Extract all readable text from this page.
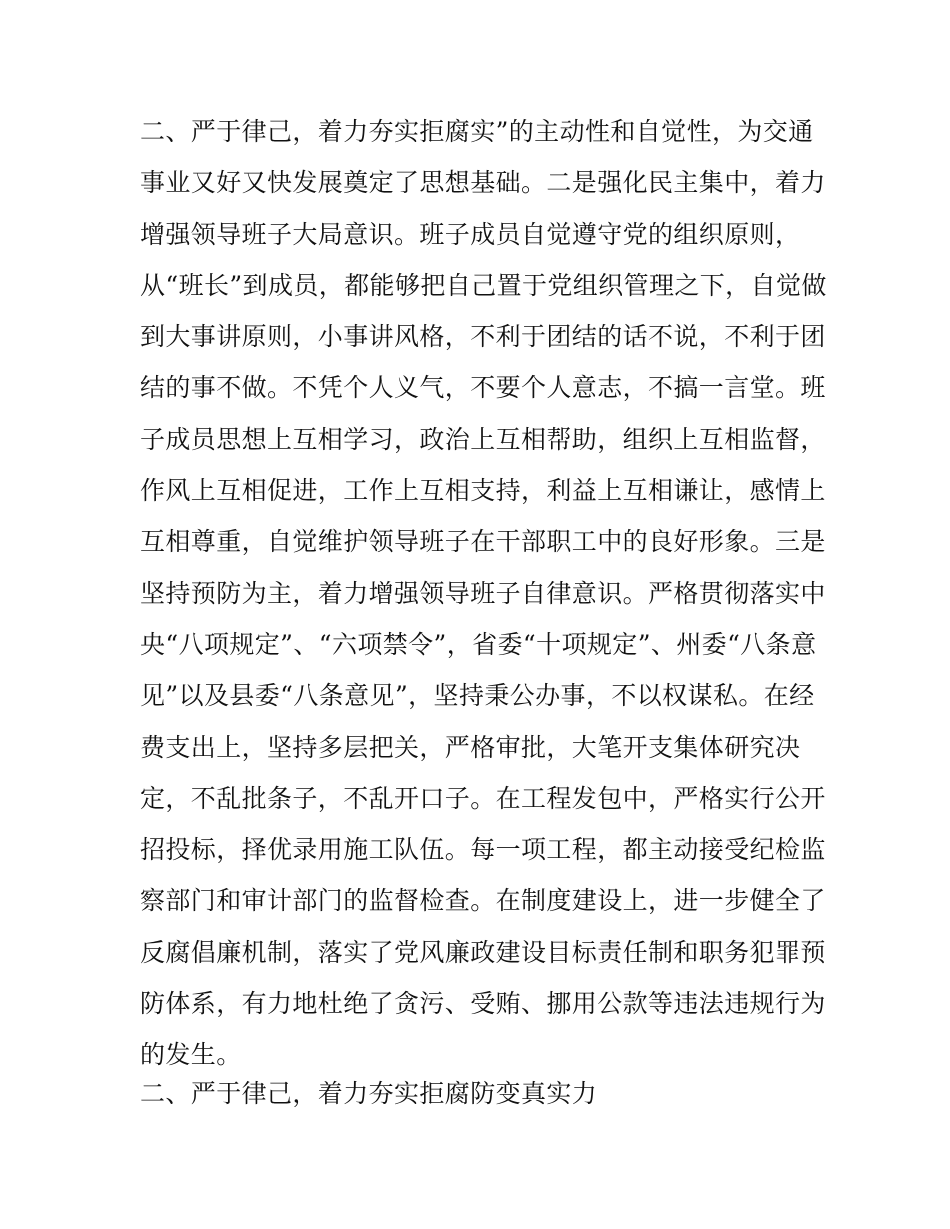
二、严于律己，着力夯实拒腐实”的主动性和自觉性，为交通
事业又好又快发展奠定了思想基础。二是强化民主集中，着力
增强领导班子大局意识。班子成员自觉遵守党的组织原则，
从“班长”到成员，都能够把自己置于党组织管理之下，自觉做
到大事讲原则，小事讲风格，不利于团结的话不说，不利于团
结的事不做。不凭个人义气，不要个人意志，不搞一言堂。班
子成员思想上互相学习，政治上互相帮助，组织上互相监督，
作风上互相促进，工作上互相支持，利益上互相谦让，感情上
互相尊重，自觉维护领导班子在干部职工中的良好形象。三是
坚持预防为主，着力增强领导班子自律意识。严格贯彻落实中
央“八项规定”、“六项禁令”，省委“十项规定”、州委“八条意
见”以及县委“八条意见”，坚持秉公办事，不以权谋私。在经
费支出上，坚持多层把关，严格审批，大笔开支集体研究决
定，不乱批条子，不乱开口子。在工程发包中，严格实行公开
招投标，择优录用施工队伍。每一项工程，都主动接受纪检监
察部门和审计部门的监督检查。在制度建设上，进一步健全了
反腐倡廉机制，落实了党风廉政建设目标责任制和职务犯罪预
防体系，有力地杜绝了贪污、受贿、挪用公款等违法违规行为
的发生。
二、严于律己，着力夯实拒腐防变真实力
